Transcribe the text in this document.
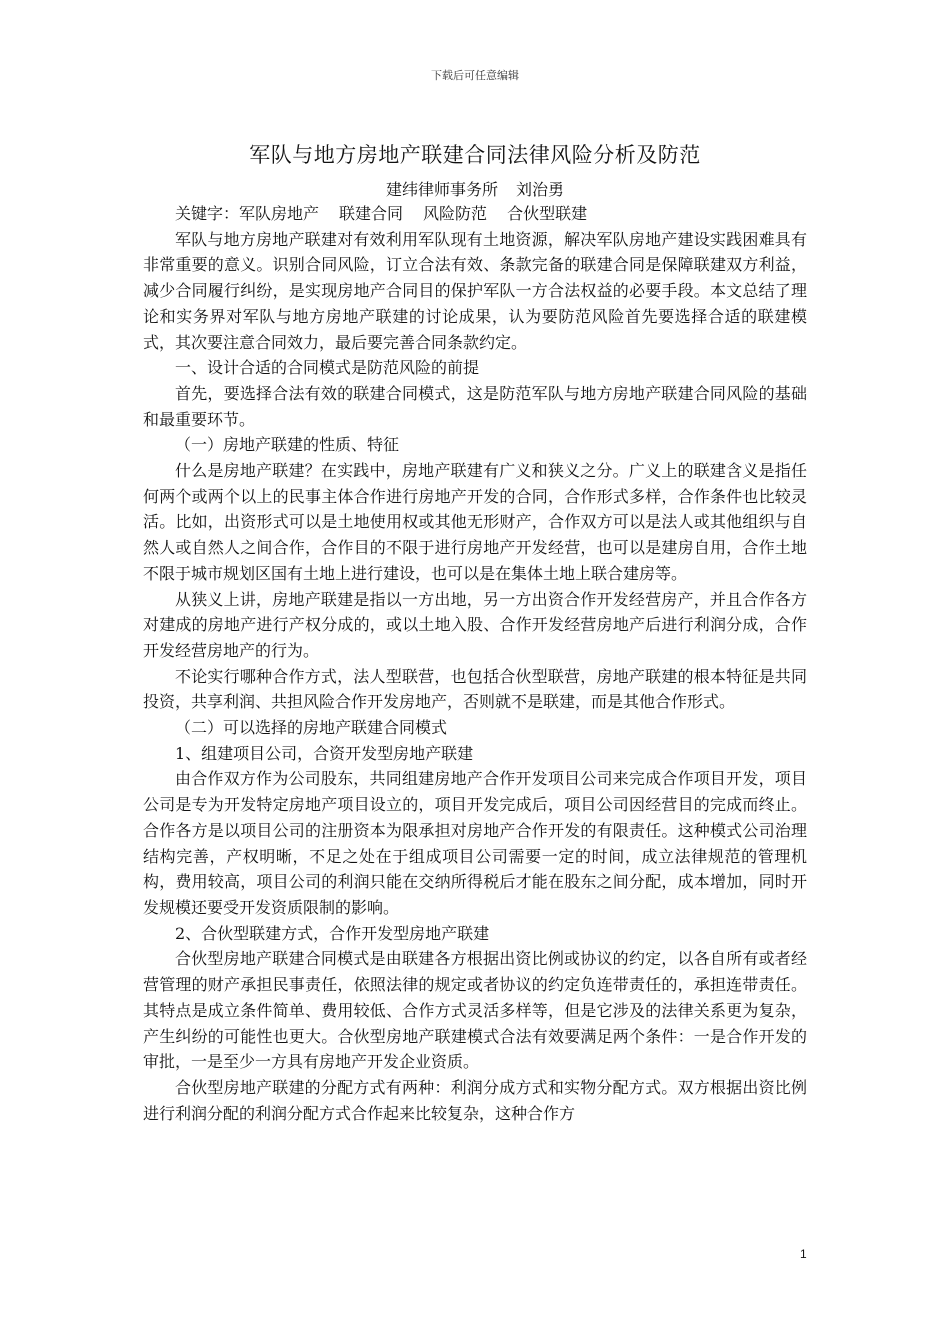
下载后可任意编辑
军队与地方房地产联建合同法律风险分析及防范
建纬律师事务所 刘治勇

关键字：军队房地产 联建合同 风险防范 合伙型联建

军队与地方房地产联建对有效利用军队现有土地资源，解决军队房地产建设实践困难具有非常重要的意义。识别合同风险，订立合法有效、条款完备的联建合同是保障联建双方利益，减少合同履行纠纷，是实现房地产合同目的保护军队一方合法权益的必要手段。本文总结了理论和实务界对军队与地方房地产联建的讨论成果，认为要防范风险首先要选择合适的联建模式，其次要注意合同效力，最后要完善合同条款约定。

一、设计合适的合同模式是防范风险的前提

首先，要选择合法有效的联建合同模式，这是防范军队与地方房地产联建合同风险的基础和最重要环节。

（一）房地产联建的性质、特征

什么是房地产联建？在实践中，房地产联建有广义和狭义之分。广义上的联建含义是指任何两个或两个以上的民事主体合作进行房地产开发的合同，合作形式多样，合作条件也比较灵活。比如，出资形式可以是土地使用权或其他无形财产，合作双方可以是法人或其他组织与自然人或自然人之间合作，合作目的不限于进行房地产开发经营，也可以是建房自用，合作土地不限于城市规划区国有土地上进行建设，也可以是在集体土地上联合建房等。

从狭义上讲，房地产联建是指以一方出地，另一方出资合作开发经营房产，并且合作各方对建成的房地产进行产权分成的，或以土地入股、合作开发经营房地产后进行利润分成，合作开发经营房地产的行为。

不论实行哪种合作方式，法人型联营，也包括合伙型联营，房地产联建的根本特征是共同投资，共享利润、共担风险合作开发房地产，否则就不是联建，而是其他合作形式。

（二）可以选择的房地产联建合同模式

1、组建项目公司，合资开发型房地产联建

由合作双方作为公司股东，共同组建房地产合作开发项目公司来完成合作项目开发，项目公司是专为开发特定房地产项目设立的，项目开发完成后，项目公司因经营目的完成而终止。合作各方是以项目公司的注册资本为限承担对房地产合作开发的有限责任。这种模式公司治理结构完善，产权明晰，不足之处在于组成项目公司需要一定的时间，成立法律规范的管理机构，费用较高，项目公司的利润只能在交纳所得税后才能在股东之间分配，成本增加，同时开发规模还要受开发资质限制的影响。

2、合伙型联建方式，合作开发型房地产联建

合伙型房地产联建合同模式是由联建各方根据出资比例或协议的约定，以各自所有或者经营管理的财产承担民事责任，依照法律的规定或者协议的约定负连带责任的，承担连带责任。其特点是成立条件简单、费用较低、合作方式灵活多样等，但是它涉及的法律关系更为复杂，产生纠纷的可能性也更大。合伙型房地产联建模式合法有效要满足两个条件：一是合作开发的审批，一是至少一方具有房地产开发企业资质。

合伙型房地产联建的分配方式有两种：利润分成方式和实物分配方式。双方根据出资比例进行利润分配的利润分配方式合作起来比较复杂，这种合作方

1
